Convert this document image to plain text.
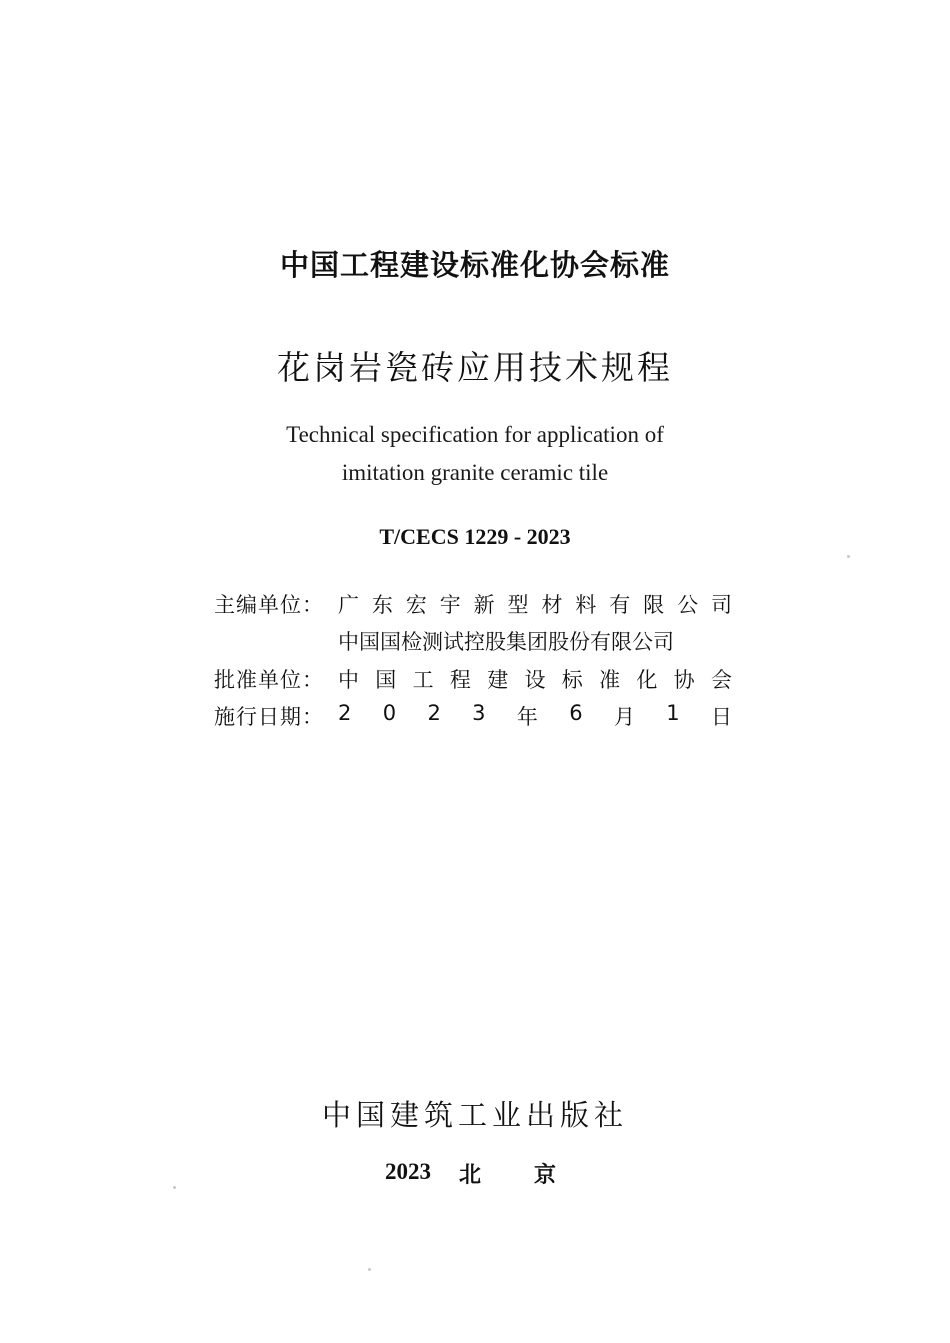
中国工程建设标准化协会标准
花岗岩瓷砖应用技术规程
Technical specification for application of
imitation granite ceramic tile
T/CECS 1229 - 2023
主编单位： 广 东 宏 宇 新 型 材 料 有 限 公 司
中国国检测试控股集团股份有限公司
批准单位： 中 国 工 程 建 设 标 准 化 协 会
施行日期： 2 0 2 3 年 6 月 1 日
中国建筑工业出版社
2023 北 京
